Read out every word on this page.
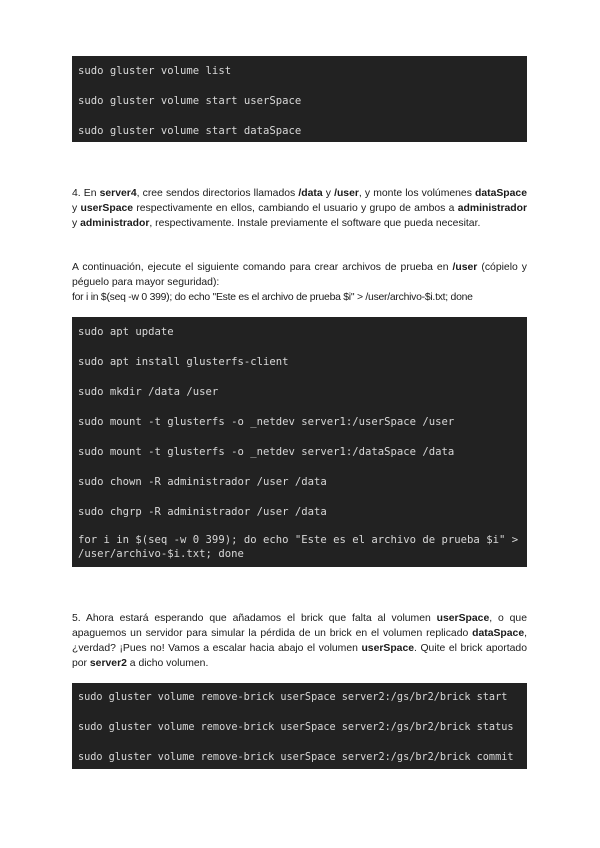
sudo gluster volume list
sudo gluster volume start userSpace
sudo gluster volume start dataSpace
4. En server4, cree sendos directorios llamados /data y /user, y monte los volúmenes dataSpace y userSpace respectivamente en ellos, cambiando el usuario y grupo de ambos a administrador y administrador, respectivamente. Instale previamente el software que pueda necesitar.
A continuación, ejecute el siguiente comando para crear archivos de prueba en /user (cópielo y péguelo para mayor seguridad):
for i in $(seq -w 0 399); do echo "Este es el archivo de prueba $i" > /user/archivo-$i.txt; done
sudo apt update
sudo apt install glusterfs-client
sudo mkdir /data /user
sudo mount -t glusterfs -o _netdev server1:/userSpace /user
sudo mount -t glusterfs -o _netdev server1:/dataSpace /data
sudo chown -R administrador /user /data
sudo chgrp -R administrador /user /data
for i in $(seq -w 0 399); do echo "Este es el archivo de prueba $i" > /user/archivo-$i.txt; done
5. Ahora estará esperando que añadamos el brick que falta al volumen userSpace, o que apaguemos un servidor para simular la pérdida de un brick en el volumen replicado dataSpace, ¿verdad? ¡Pues no! Vamos a escalar hacia abajo el volumen userSpace. Quite el brick aportado por server2 a dicho volumen.
sudo gluster volume remove-brick userSpace server2:/gs/br2/brick start
sudo gluster volume remove-brick userSpace server2:/gs/br2/brick status
sudo gluster volume remove-brick userSpace server2:/gs/br2/brick commit
